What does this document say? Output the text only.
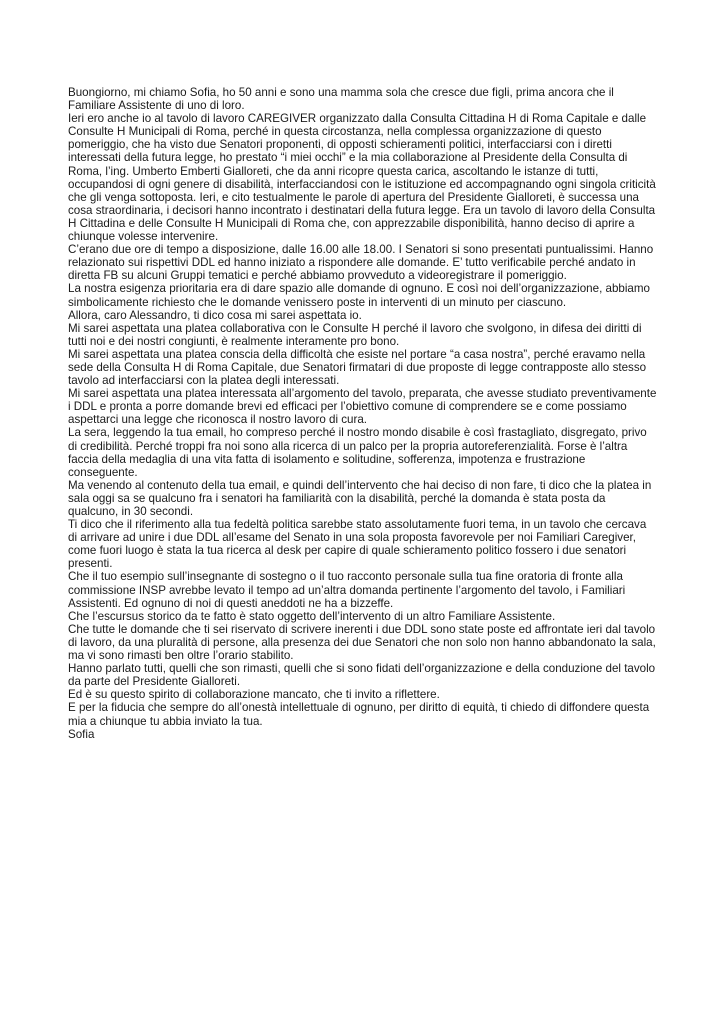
Buongiorno, mi chiamo Sofia, ho 50 anni e sono una mamma sola che cresce due figli, prima ancora che il Familiare Assistente di uno di loro.

Ieri ero anche io al tavolo di lavoro CAREGIVER organizzato dalla Consulta Cittadina H di Roma Capitale e dalle Consulte H Municipali di Roma, perché in questa circostanza, nella complessa organizzazione di questo pomeriggio, che ha visto due Senatori proponenti, di opposti schieramenti politici, interfacciarsi con i diretti interessati della futura legge, ho prestato “i miei occhi” e la mia collaborazione al Presidente della Consulta di Roma, l’ing. Umberto Emberti Gialloreti, che da anni ricopre questa carica, ascoltando le istanze di tutti, occupandosi di ogni genere di disabilità, interfacciandosi con le istituzione ed accompagnando ogni singola criticità che gli venga sottoposta. Ieri, e cito testualmente le parole di apertura del Presidente Gialloreti, è successa una cosa straordinaria, i decisori hanno incontrato i destinatari della futura legge. Era un tavolo di lavoro della Consulta H Cittadina e delle Consulte H Municipali di Roma che, con apprezzabile disponibilità, hanno deciso di aprire a chiunque volesse intervenire.

C’erano due ore di tempo a disposizione, dalle 16.00 alle 18.00. I Senatori si sono presentati puntualissimi. Hanno relazionato sui rispettivi DDL ed hanno iniziato a rispondere alle domande. E’ tutto verificabile perché andato in diretta FB su alcuni Gruppi tematici e perché abbiamo provveduto a videoregistrare il pomeriggio.

La nostra esigenza prioritaria era di dare spazio alle domande di ognuno. E così noi dell’organizzazione, abbiamo simbolicamente richiesto che le domande venissero poste in interventi di un minuto per ciascuno.

Allora, caro Alessandro, ti dico cosa mi sarei aspettata io.

Mi sarei aspettata una platea collaborativa con le Consulte H perché il lavoro che svolgono, in difesa dei diritti di tutti noi e dei nostri congiunti, è realmente interamente pro bono.

Mi sarei aspettata una platea conscia della difficoltà che esiste nel portare “a casa nostra”, perché eravamo nella sede della Consulta H di Roma Capitale, due Senatori firmatari di due proposte di legge contrapposte allo stesso tavolo ad interfacciarsi con la platea degli interessati.

Mi sarei aspettata una platea interessata all’argomento del tavolo, preparata, che avesse studiato preventivamente i DDL e pronta a porre domande brevi ed efficaci per l’obiettivo comune di comprendere se e come possiamo aspettarci una legge che riconosca il nostro lavoro di cura.

La sera, leggendo la tua email, ho compreso perché il nostro mondo disabile è così frastagliato, disgregato, privo di credibilità. Perché troppi fra noi sono alla ricerca di un palco per la propria autoreferenzialità. Forse è l’altra faccia della medaglia di una vita fatta di isolamento e solitudine, sofferenza, impotenza e frustrazione conseguente.

Ma venendo al contenuto della tua email, e quindi dell’intervento che hai deciso di non fare, ti dico che la platea in sala oggi sa se qualcuno fra i senatori ha familiarità con la disabilità, perché la domanda è stata posta da qualcuno, in 30 secondi.

Ti dico che il riferimento alla tua fedeltà politica sarebbe stato assolutamente fuori tema, in un tavolo che cercava di arrivare ad unire i due DDL all’esame del Senato in una sola proposta favorevole per noi Familiari Caregiver, come fuori luogo è stata la tua ricerca al desk per capire di quale schieramento politico fossero i due senatori presenti.

Che il tuo esempio sull’insegnante di sostegno o il tuo racconto personale sulla tua fine oratoria di fronte alla commissione INSP avrebbe levato il tempo ad un’altra domanda pertinente l’argomento del tavolo, i Familiari Assistenti. Ed ognuno di noi di questi aneddoti ne ha a bizzeffe.

Che l’escursus storico da te fatto è stato oggetto dell’intervento di un altro Familiare Assistente.

Che tutte le domande che ti sei riservato di scrivere inerenti i due DDL sono state poste ed affrontate ieri dal tavolo di lavoro, da una pluralità di persone, alla presenza dei due Senatori che non solo non hanno abbandonato la sala, ma vi sono rimasti ben oltre l’orario stabilito.

Hanno parlato tutti, quelli che son rimasti, quelli che si sono fidati dell’organizzazione e della conduzione del tavolo da parte del Presidente Gialloreti.

Ed è su questo spirito di collaborazione mancato, che ti invito a riflettere.

E per la fiducia che sempre do all’onestà intellettuale di ognuno, per diritto di equità, ti chiedo di diffondere questa mia a chiunque tu abbia inviato la tua.

Sofia
